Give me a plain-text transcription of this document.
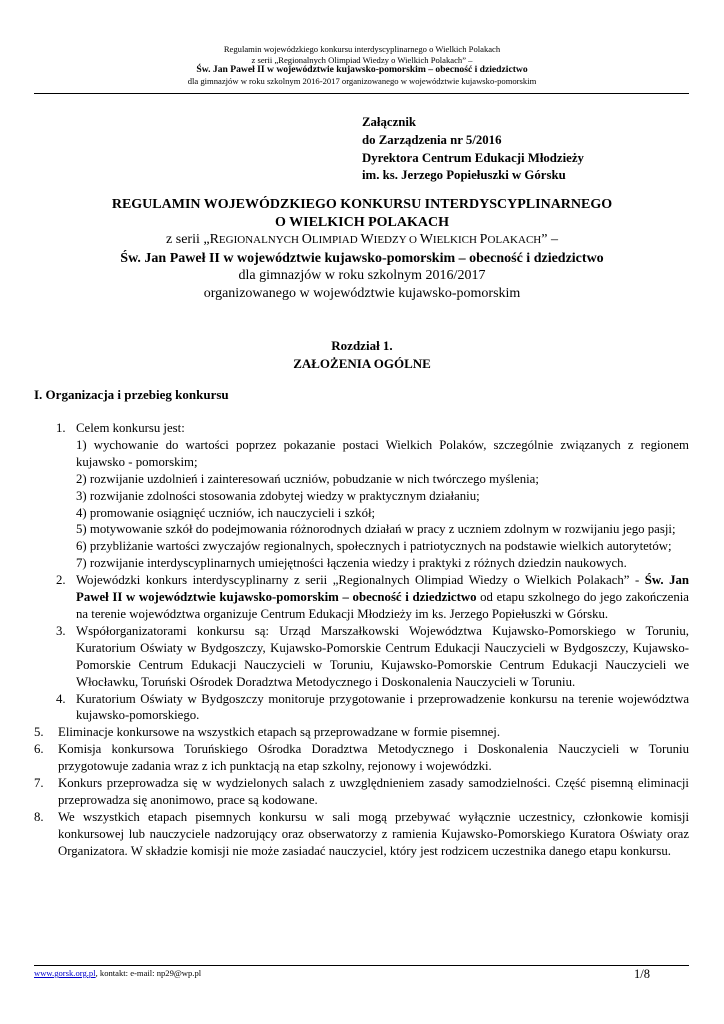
Regulamin wojewódzkiego konkursu interdyscyplinarnego o Wielkich Polakach
z serii „Regionalnych Olimpiad Wiedzy o Wielkich Polakach” –
Św. Jan Paweł II w województwie kujawsko-pomorskim – obecność i dziedzictwo
dla gimnazjów w roku szkolnym 2016-2017 organizowanego w województwie kujawsko-pomorskim
Załącznik
do Zarządzenia nr 5/2016
Dyrektora Centrum Edukacji Młodzieży
im. ks. Jerzego Popiełuszki w Górsku
REGULAMIN WOJEWÓDZKIEGO KONKURSU INTERDYSCYPLINARNEGO
O WIELKICH POLAKACH
z serii „REGIONALNYCH OLIMPIAD WIEDZY O WIELKICH POLAKACH” –
Św. Jan Paweł II w województwie kujawsko-pomorskim – obecność i dziedzictwo
dla gimnazjów w roku szkolnym 2016/2017
organizowanego w województwie kujawsko-pomorskim
Rozdział 1.
ZAŁOŻENIA OGÓLNE
I. Organizacja i przebieg konkursu
1. Celem konkursu jest:
1) wychowanie do wartości poprzez pokazanie postaci Wielkich Polaków, szczególnie związanych z regionem kujawsko - pomorskim;
2) rozwijanie uzdolnień i zainteresowań uczniów, pobudzanie w nich twórczego myślenia;
3) rozwijanie zdolności stosowania zdobytej wiedzy w praktycznym działaniu;
4) promowanie osiągnięć uczniów, ich nauczycieli i szkół;
5) motywowanie szkół do podejmowania różnorodnych działań w pracy z uczniem zdolnym w rozwijaniu jego pasji;
6) przybliżanie wartości zwyczajów regionalnych, społecznych i patriotycznych na podstawie wielkich autorytetów;
7) rozwijanie interdyscyplinarnych umiejętności łączenia wiedzy i praktyki z różnych dziedzin naukowych.
2. Wojewódzki konkurs interdyscyplinarny z serii „Regionalnych Olimpiad Wiedzy o Wielkich Polakach” - Św. Jan Paweł II w województwie kujawsko-pomorskim – obecność i dziedzictwo od etapu szkolnego do jego zakończenia na terenie województwa organizuje Centrum Edukacji Młodzieży im ks. Jerzego Popiełuszki w Górsku.
3. Współorganizatorami konkursu są: Urząd Marszałkowski Województwa Kujawsko-Pomorskiego w Toruniu, Kuratorium Oświaty w Bydgoszczy, Kujawsko-Pomorskie Centrum Edukacji Nauczycieli w Bydgoszczy, Kujawsko-Pomorskie Centrum Edukacji Nauczycieli w Toruniu, Kujawsko-Pomorskie Centrum Edukacji Nauczycieli we Włocławku, Toruński Ośrodek Doradztwa Metodycznego i Doskonalenia Nauczycieli w Toruniu.
4. Kuratorium Oświaty w Bydgoszczy monitoruje przygotowanie i przeprowadzenie konkursu na terenie województwa kujawsko-pomorskiego.
5. Eliminacje konkursowe na wszystkich etapach są przeprowadzane w formie pisemnej.
6. Komisja konkursowa Toruńskiego Ośrodka Doradztwa Metodycznego i Doskonalenia Nauczycieli w Toruniu przygotowuje zadania wraz z ich punktacją na etap szkolny, rejonowy i wojewódzki.
7. Konkurs przeprowadza się w wydzielonych salach z uwzględnieniem zasady samodzielności. Część pisemną eliminacji przeprowadza się anonimowo, prace są kodowane.
8. We wszystkich etapach pisemnych konkursu w sali mogą przebywać wyłącznie uczestnicy, członkowie komisji konkursowej lub nauczyciele nadzorujący oraz obserwatorzy z ramienia Kujawsko-Pomorskiego Kuratora Oświaty oraz Organizatora. W składzie komisji nie może zasiadać nauczyciel, który jest rodzicem uczestnika danego etapu konkursu.
www.gorsk.org.pl, kontakt: e-mail: np29@wp.pl	1/8
